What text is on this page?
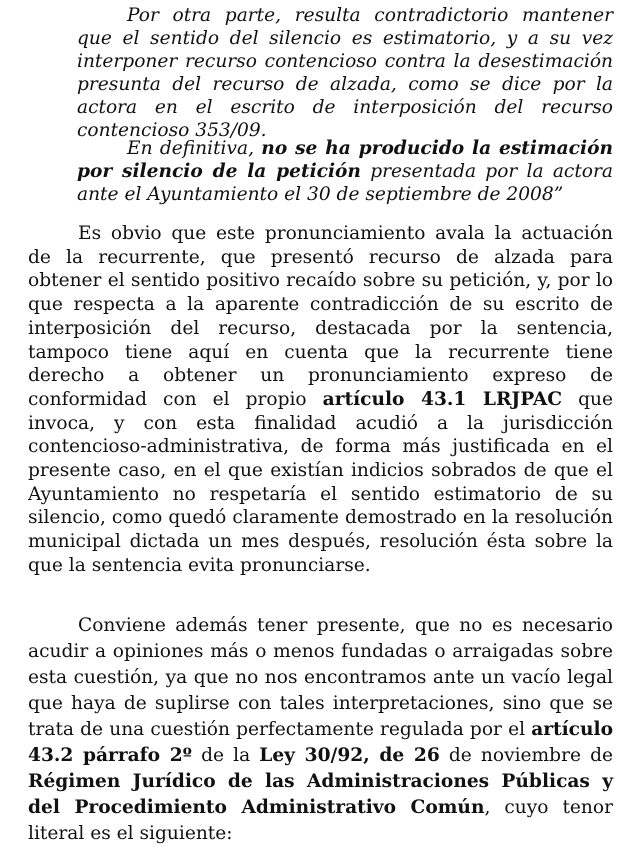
Por otra parte, resulta contradictorio mantener que el sentido del silencio es estimatorio, y a su vez interponer recurso contencioso contra la desestimación presunta del recurso de alzada, como se dice por la actora en el escrito de interposición del recurso contencioso 353/09.

En definitiva, no se ha producido la estimación por silencio de la petición presentada por la actora ante el Ayuntamiento el 30 de septiembre de 2008”

Es obvio que este pronunciamiento avala la actuación de la recurrente, que presentó recurso de alzada para obtener el sentido positivo recaído sobre su petición, y, por lo que respecta a la aparente contradicción de su escrito de interposición del recurso, destacada por la sentencia, tampoco tiene aquí en cuenta que la recurrente tiene derecho a obtener un pronunciamiento expreso de conformidad con el propio artículo 43.1 LRJPAC que invoca, y con esta finalidad acudió a la jurisdicción contencioso-administrativa, de forma más justificada en el presente caso, en el que existían indicios sobrados de que el Ayuntamiento no respetaría el sentido estimatorio de su silencio, como quedó claramente demostrado en la resolución municipal dictada un mes después, resolución ésta sobre la que la sentencia evita pronunciarse.

Conviene además tener presente, que no es necesario acudir a opiniones más o menos fundadas o arraigadas sobre esta cuestión, ya que no nos encontramos ante un vacío legal que haya de suplirse con tales interpretaciones, sino que se trata de una cuestión perfectamente regulada por el artículo 43.2 párrafo 2º de la Ley 30/92, de 26 de noviembre de Régimen Jurídico de las Administraciones Públicas y del Procedimiento Administrativo Común, cuyo tenor literal es el siguiente:
